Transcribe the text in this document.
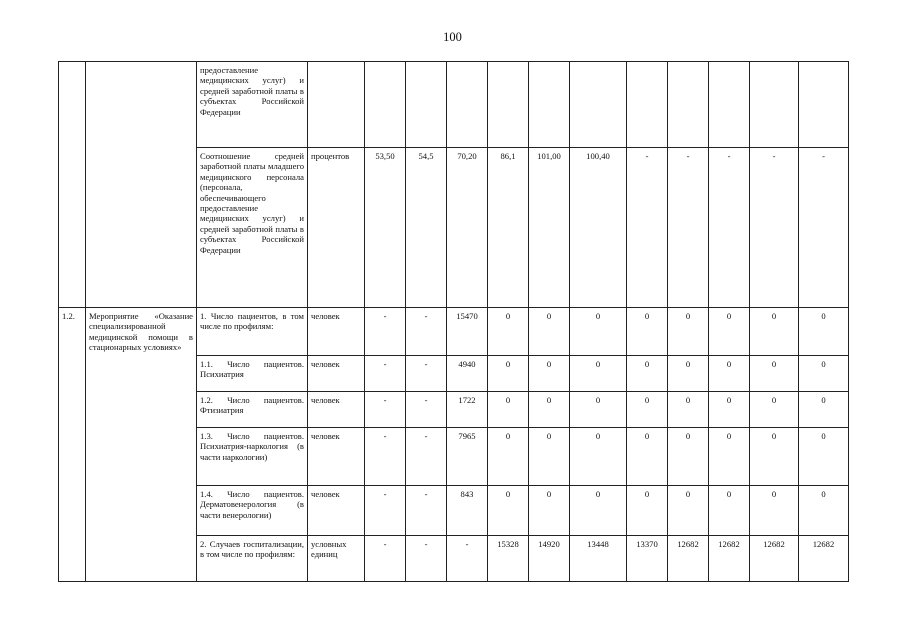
100
		предоставление медицинских услуг) и средней заработной платы в субъектах Российской Федерации												
		Соотношение средней заработной платы младшего медицинского персонала (персонала, обеспечивающего предоставление медицинских услуг) и средней заработной платы в субъектах Российской Федерации	процентов	53,50	54,5	70,20	86,1	101,00	100,40	-	-	-	-	-
1.2.	Мероприятие «Оказание специализированной медицинской помощи в стационарных условиях»	1. Число пациентов, в том числе по профилям:	человек	-	-	15470	0	0	0	0	0	0	0	0
		1.1. Число пациентов. Психиатрия	человек	-	-	4940	0	0	0	0	0	0	0	0
		1.2. Число пациентов. Фтизиатрия	человек	-	-	1722	0	0	0	0	0	0	0	0
		1.3. Число пациентов. Психиатрия-наркология (в части наркологии)	человек	-	-	7965	0	0	0	0	0	0	0	0
		1.4. Число пациентов. Дерматовенерология (в части венерологии)	человек	-	-	843	0	0	0	0	0	0	0	0
		2. Случаев госпитализации, в том числе по профилям:	условных единиц	-	-	-	15328	14920	13448	13370	12682	12682	12682	12682
